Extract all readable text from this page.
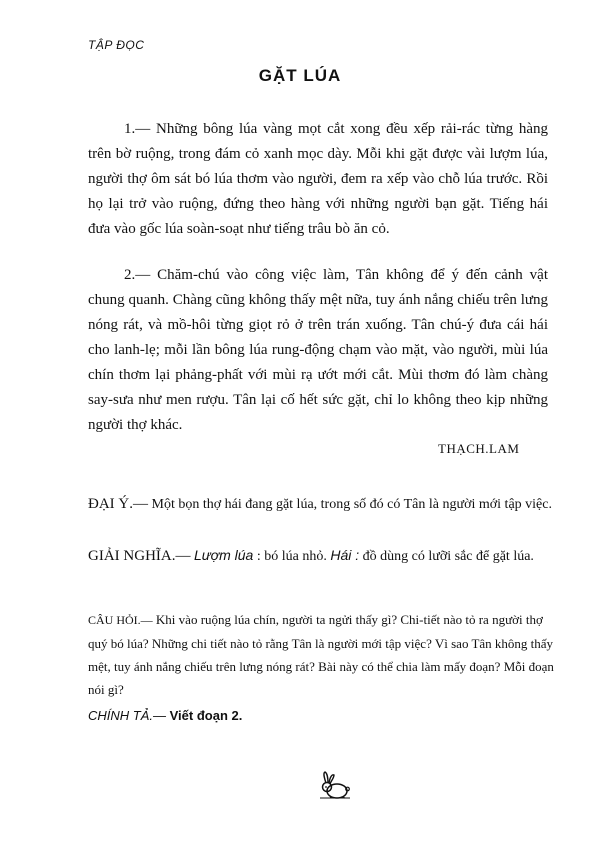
TẬP ĐỌC
GẶT LÚA

1.— Những bông lúa vàng mọt cắt xong đều xếp rải-rác từng hàng trên bờ ruộng, trong đám cỏ xanh mọc dày. Mỗi khi gặt được vài lượm lúa, người thợ ôm sát bó lúa thơm vào người, đem ra xếp vào chỗ lúa trước. Rồi họ lại trở vào ruộng, đứng theo hàng với những người bạn gặt. Tiếng hái đưa vào gốc lúa soàn-soạt như tiếng trâu bò ăn cỏ.

2.— Chăm-chú vào công việc làm, Tân không để ý đến cảnh vật chung quanh. Chàng cũng không thấy mệt nữa, tuy ánh nắng chiếu trên lưng nóng rát, và mồ-hôi từng giọt rỏ ở trên trán xuống. Tân chú-ý đưa cái hái cho lanh-lẹ; mỗi lần bông lúa rung-động chạm vào mặt, vào người, mùi lúa chín thơm lại phảng-phất với mùi rạ ướt mới cắt. Mùi thơm đó làm chàng say-sưa như men rượu. Tân lại cố hết sức gặt, chỉ lo không theo kịp những người thợ khác.

THẠCH.LAM

ĐẠI Ý.— Một bọn thợ hái đang gặt lúa, trong số đó có Tân là người mới tập việc.

GIẢI NGHĨA.— Lượm lúa : bó lúa nhỏ. Hái : đồ dùng có lưỡi sắc để gặt lúa.

CÂU HỎI.— Khi vào ruộng lúa chín, người ta ngửi thấy gì? Chi-tiết nào tỏ ra người thợ quý bó lúa? Những chi tiết nào tỏ rằng Tân là người mới tập việc? Vì sao Tân không thấy mệt, tuy ánh nắng chiếu trên lưng nóng rát? Bài này có thể chia làm mấy đoạn? Mỗi đoạn nói gì?

CHÍNH TẢ.— Viết đoạn 2.
